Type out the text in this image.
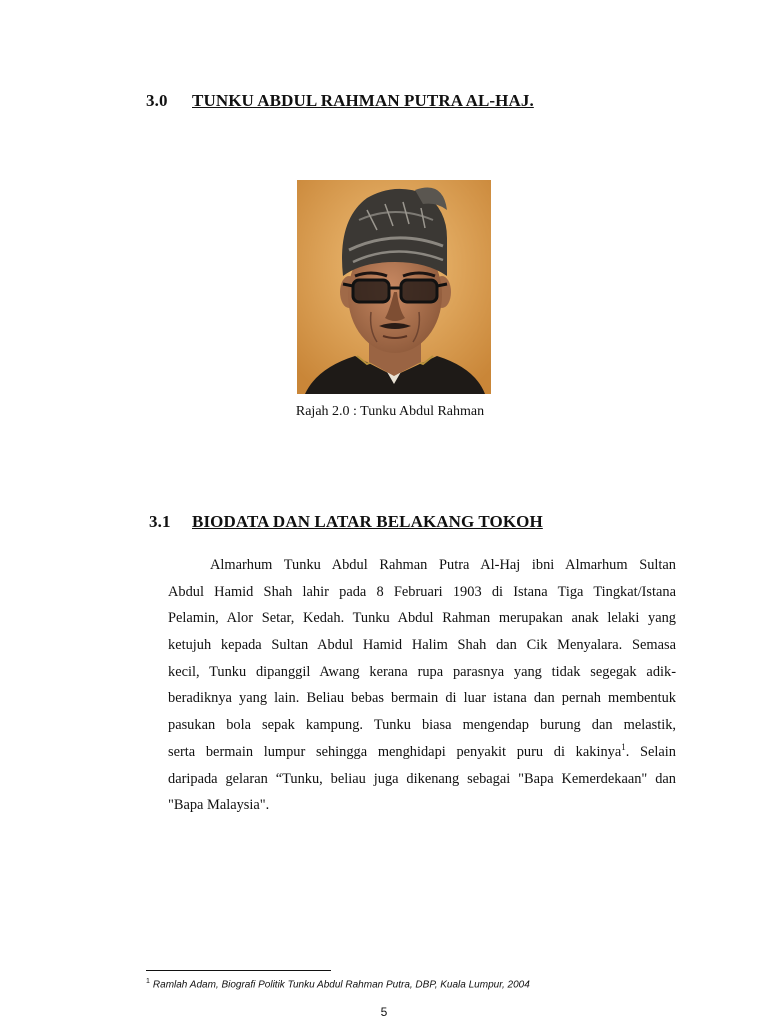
3.0 TUNKU ABDUL RAHMAN PUTRA AL-HAJ.
Rajah 2.0 : Tunku Abdul Rahman
3.1 BIODATA DAN LATAR BELAKANG TOKOH
Almarhum Tunku Abdul Rahman Putra Al-Haj ibni Almarhum Sultan
Abdul Hamid Shah lahir pada 8 Februari 1903 di Istana Tiga Tingkat/Istana
Pelamin, Alor Setar, Kedah. Tunku Abdul Rahman merupakan anak lelaki yang
ketujuh kepada Sultan Abdul Hamid Halim Shah dan Cik Menyalara. Semasa
kecil, Tunku dipanggil Awang kerana rupa parasnya yang tidak segegak adik-
beradiknya yang lain. Beliau bebas bermain di luar istana dan pernah membentuk
pasukan bola sepak kampung. Tunku biasa mengendap burung dan melastik,
serta bermain lumpur sehingga menghidapi penyakit puru di kakinya$^1$. Selain
daripada gelaran “Tunku, beliau juga dikenang sebagai "Bapa Kemerdekaan" dan
"Bapa Malaysia".
$^1$ Ramlah Adam, Biografi Politik Tunku Abdul Rahman Putra, DBP, Kuala Lumpur, 2004
5
